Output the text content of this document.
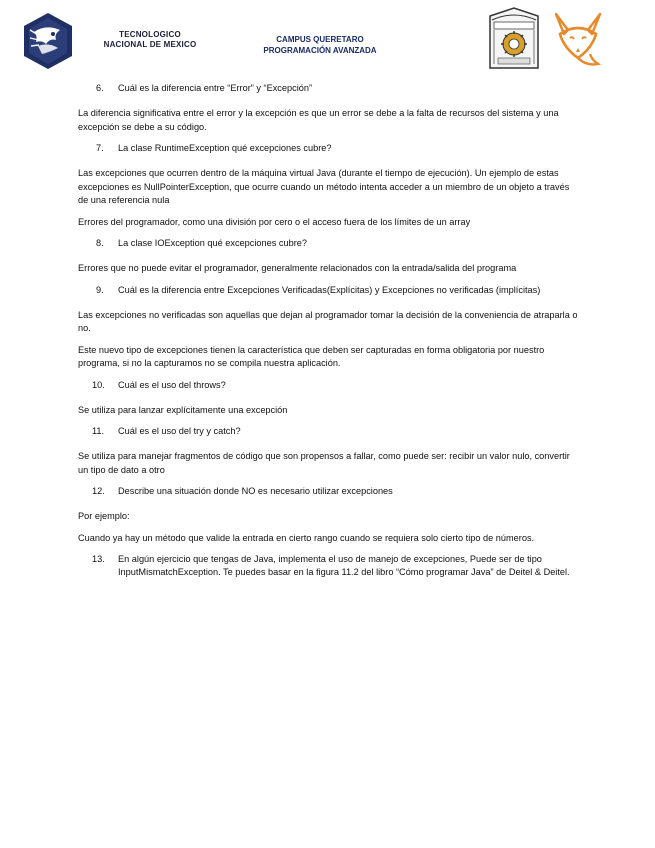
TECNOLOGICO
NACIONAL DE MEXICO
CAMPUS QUERETARO
PROGRAMACIÓN AVANZADA
6. Cuál es la diferencia entre “Error” y “Excepción”

La diferencia significativa entre el error y la excepción es que un error se debe a la falta de recursos del sistema y una excepción se debe a su código.

7. La clase RuntimeException qué excepciones cubre?

Las excepciones que ocurren dentro de la máquina virtual Java (durante el tiempo de ejecución). Un ejemplo de estas excepciones es NullPointerException, que ocurre cuando un método intenta acceder a un miembro de un objeto a través de una referencia nula

Errores del programador, como una división por cero o el acceso fuera de los límites de un array

8. La clase IOException qué excepciones cubre?

Errores que no puede evitar el programador, generalmente relacionados con la entrada/salida del programa

9. Cuál es la diferencia entre Excepciones Verificadas(Explícitas) y Excepciones no verificadas (implícitas)

Las excepciones no verificadas son aquellas que dejan al programador tomar la decisión de la conveniencia de atraparla o no.

Este nuevo tipo de excepciones tienen la característica que deben ser capturadas en forma obligatoria por nuestro programa, si no la capturamos no se compila nuestra aplicación.

10. Cuál es el uso del throws?

Se utiliza para lanzar explícitamente una excepción

11. Cuál es el uso del try y catch?

Se utiliza para manejar fragmentos de código que son propensos a fallar, como puede ser: recibir un valor nulo, convertir un tipo de dato a otro

12. Describe una situación donde NO es necesario utilizar excepciones

Por ejemplo:

Cuando ya hay un método que valide la entrada en cierto rango cuando se requiera solo cierto tipo de números.

13. En algún ejercicio que tengas de Java, implementa el uso de manejo de excepciones, Puede ser de tipo InputMismatchException. Te puedes basar en la figura 11.2 del libro “Cómo programar Java” de Deitel & Deitel.
